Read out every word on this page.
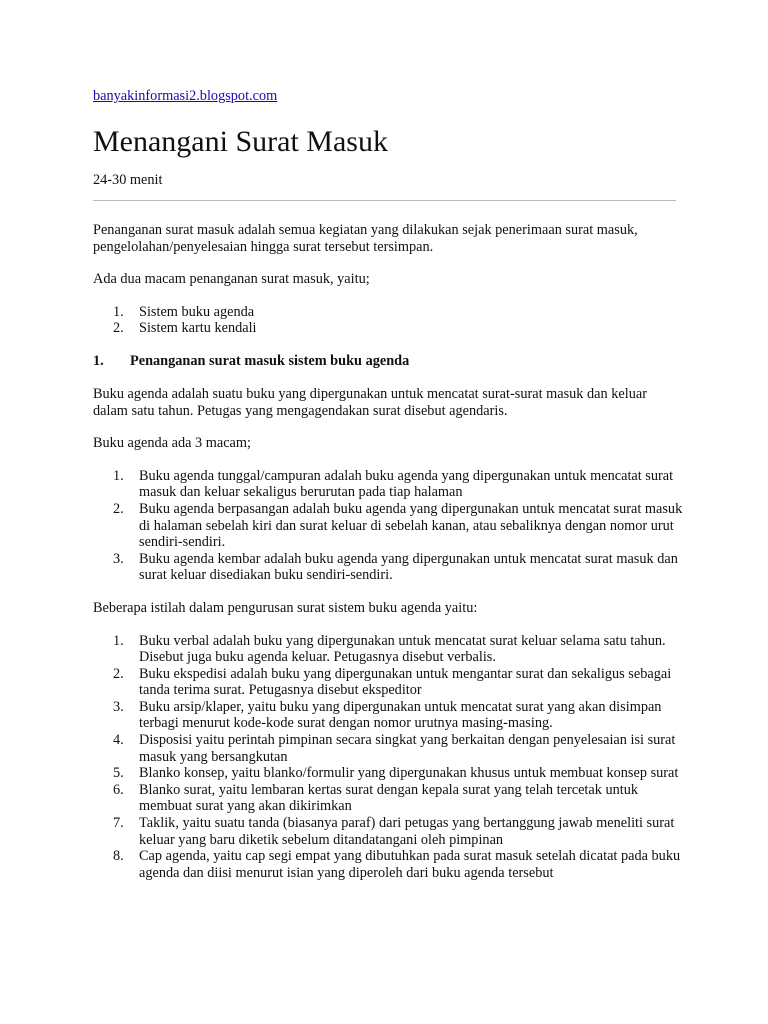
banyakinformasi2.blogspot.com
Menangani Surat Masuk

24-30 menit

Penanganan surat masuk adalah semua kegiatan yang dilakukan sejak penerimaan surat masuk, pengelolahan/penyelesaian hingga surat tersebut tersimpan.

Ada dua macam penanganan surat masuk, yaitu;

1. Sistem buku agenda
2. Sistem kartu kendali
1. Penanganan surat masuk sistem buku agenda

Buku agenda adalah suatu buku yang dipergunakan untuk mencatat surat-surat masuk dan keluar dalam satu tahun. Petugas yang mengagendakan surat disebut agendaris.

Buku agenda ada 3 macam;

1. Buku agenda tunggal/campuran adalah buku agenda yang dipergunakan untuk mencatat surat masuk dan keluar sekaligus berurutan pada tiap halaman
2. Buku agenda berpasangan adalah buku agenda yang dipergunakan untuk mencatat surat masuk di halaman sebelah kiri dan surat keluar di sebelah kanan, atau sebaliknya dengan nomor urut sendiri-sendiri.
3. Buku agenda kembar adalah buku agenda yang dipergunakan untuk mencatat surat masuk dan surat keluar disediakan buku sendiri-sendiri.

Beberapa istilah dalam pengurusan surat sistem buku agenda yaitu:

1. Buku verbal adalah buku yang dipergunakan untuk mencatat surat keluar selama satu tahun. Disebut juga buku agenda keluar. Petugasnya disebut verbalis.
2. Buku ekspedisi adalah buku yang dipergunakan untuk mengantar surat dan sekaligus sebagai tanda terima surat. Petugasnya disebut ekspeditor
3. Buku arsip/klaper, yaitu buku yang dipergunakan untuk mencatat surat yang akan disimpan terbagi menurut kode-kode surat dengan nomor urutnya masing-masing.
4. Disposisi yaitu perintah pimpinan secara singkat yang berkaitan dengan penyelesaian isi surat masuk yang bersangkutan
5. Blanko konsep, yaitu blanko/formulir yang dipergunakan khusus untuk membuat konsep surat
6. Blanko surat, yaitu lembaran kertas surat dengan kepala surat yang telah tercetak untuk membuat surat yang akan dikirimkan
7. Taklik, yaitu suatu tanda (biasanya paraf) dari petugas yang bertanggung jawab meneliti surat keluar yang baru diketik sebelum ditandatangani oleh pimpinan
8. Cap agenda, yaitu cap segi empat yang dibutuhkan pada surat masuk setelah dicatat pada buku agenda dan diisi menurut isian yang diperoleh dari buku agenda tersebut
